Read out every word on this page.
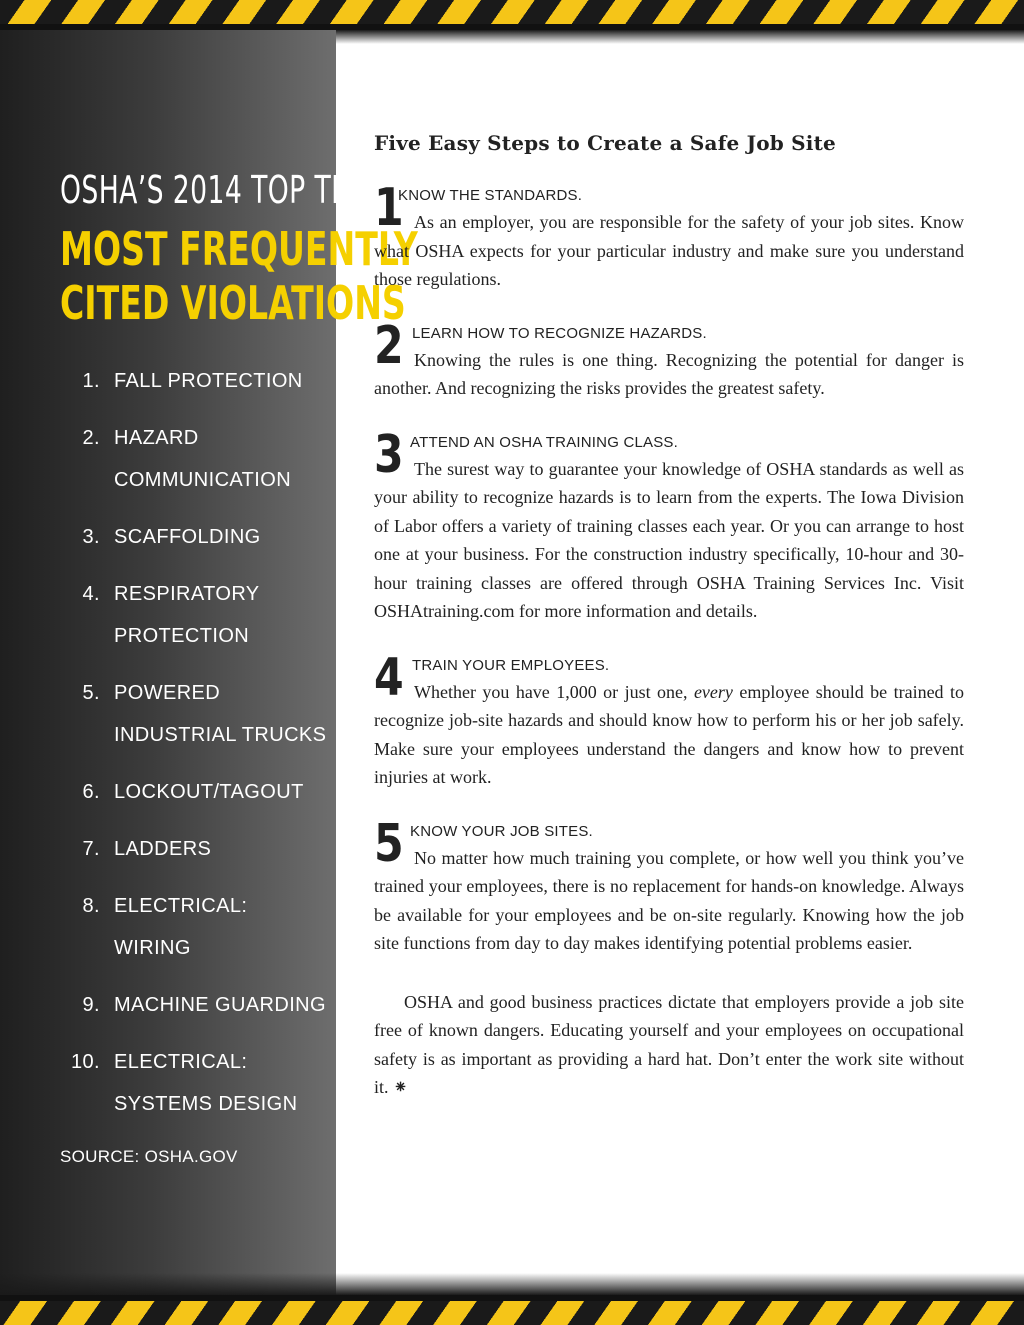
OSHA’S 2014 TOP TEN
MOST FREQUENTLY
CITED VIOLATIONS
1. FALL PROTECTION
2. HAZARD COMMUNICATION
3. SCAFFOLDING
4. RESPIRATORY PROTECTION
5. POWERED INDUSTRIAL TRUCKS
6. LOCKOUT/TAGOUT
7. LADDERS
8. ELECTRICAL: WIRING
9. MACHINE GUARDING
10. ELECTRICAL: SYSTEMS DESIGN
SOURCE: OSHA.GOV
Five Easy Steps to Create a Safe Job Site
1
KNOW THE STANDARDS.

As an employer, you are responsible for the safety of your job sites. Know what OSHA expects for your particular industry and make sure you understand those regulations.

2 LEARN HOW TO RECOGNIZE HAZARDS.

Knowing the rules is one thing. Recognizing the potential for danger is another. And recognizing the risks provides the greatest safety.

3 ATTEND AN OSHA TRAINING CLASS.

The surest way to guarantee your knowledge of OSHA standards as well as your ability to recognize hazards is to learn from the experts. The Iowa Division of Labor offers a variety of training classes each year. Or you can arrange to host one at your business. For the construction industry specifically, 10-hour and 30-hour training classes are offered through OSHA Training Services Inc. Visit OSHAtraining.com for more information and details.

4 TRAIN YOUR EMPLOYEES.

Whether you have 1,000 or just one, every employee should be trained to recognize job-site hazards and should know how to perform his or her job safely. Make sure your employees understand the dangers and know how to prevent injuries at work.

5 KNOW YOUR JOB SITES.

No matter how much training you complete, or how well you think you’ve trained your employees, there is no replacement for hands-on knowledge. Always be available for your employees and be on-site regularly. Knowing how the job site functions from day to day makes identifying potential problems easier.

OSHA and good business practices dictate that employers provide a job site free of known dangers. Educating yourself and your employees on occupational safety is as important as providing a hard hat. Don’t enter the work site without it. ⁕
